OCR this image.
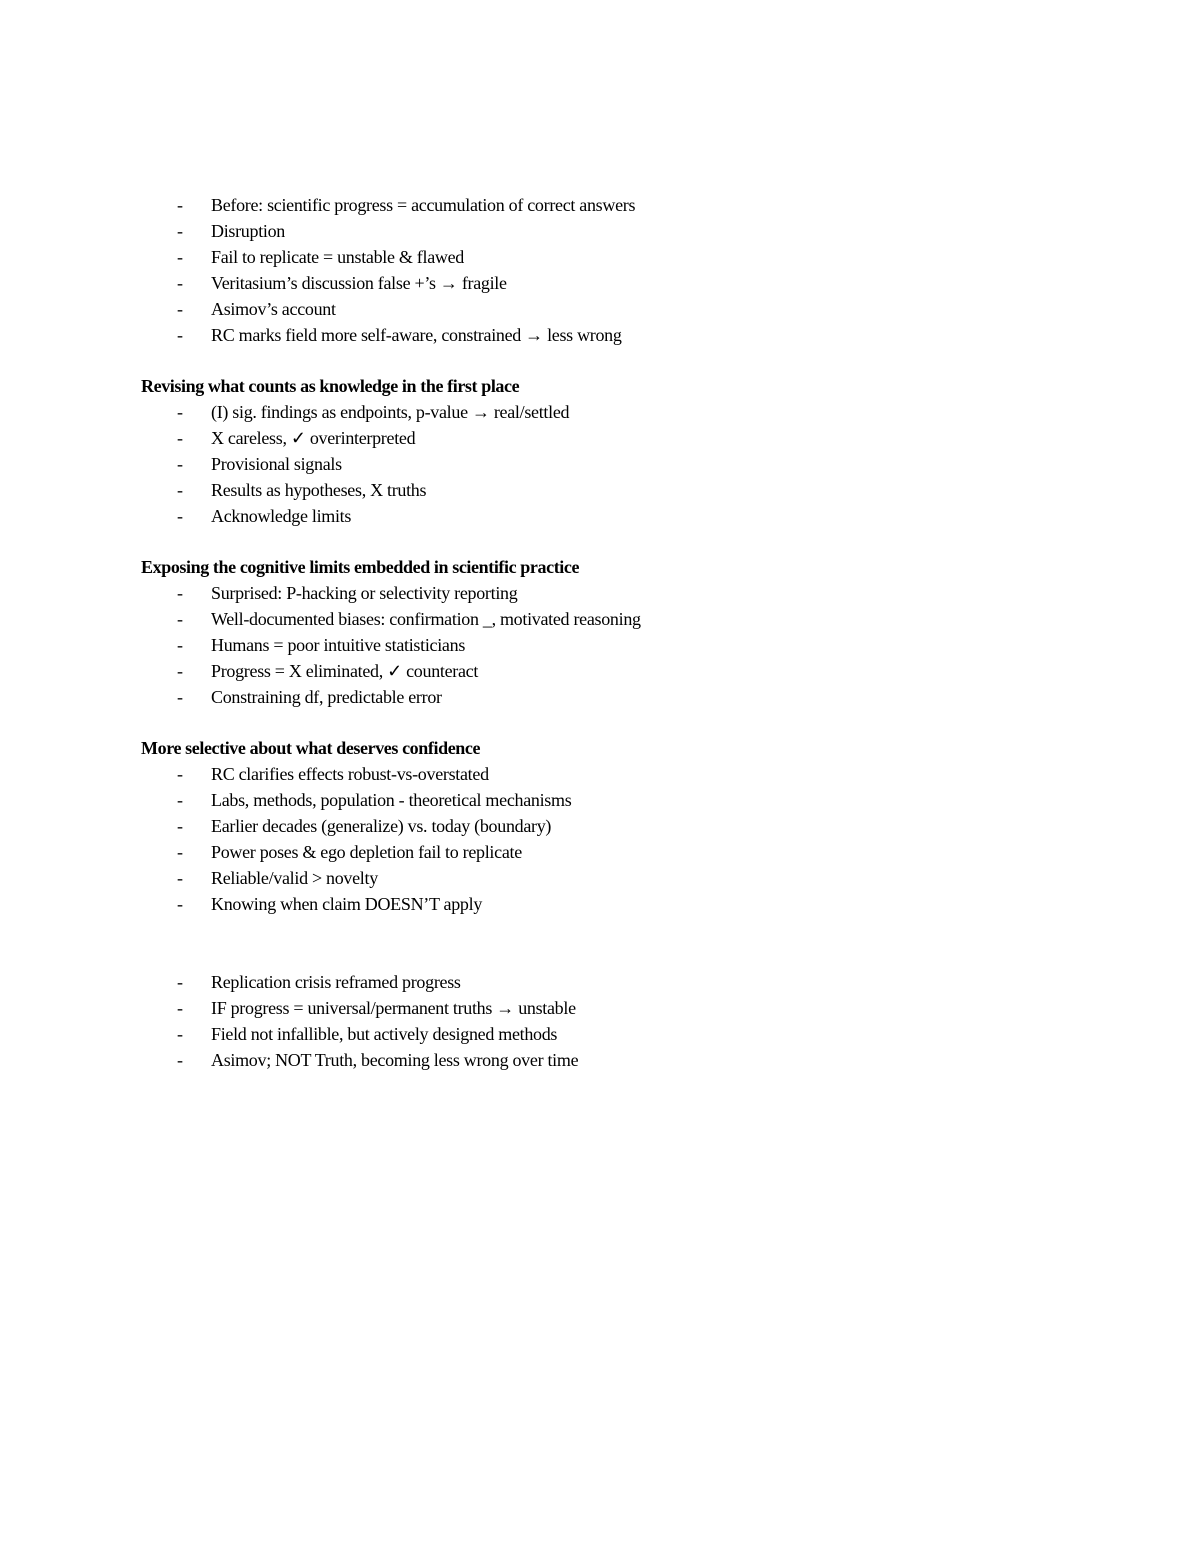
- Before: scientific progress = accumulation of correct answers
- Disruption
- Fail to replicate = unstable & flawed
- Veritasium’s discussion false +’s → fragile
- Asimov’s account
- RC marks field more self-aware, constrained → less wrong
Revising what counts as knowledge in the first place
- (I) sig. findings as endpoints, p-value → real/settled
- X careless, ✓ overinterpreted
- Provisional signals
- Results as hypotheses, X truths
- Acknowledge limits
Exposing the cognitive limits embedded in scientific practice
- Surprised: P-hacking or selectivity reporting
- Well-documented biases: confirmation _, motivated reasoning
- Humans = poor intuitive statisticians
- Progress = X eliminated, ✓ counteract
- Constraining df, predictable error
More selective about what deserves confidence
- RC clarifies effects robust-vs-overstated
- Labs, methods, population - theoretical mechanisms
- Earlier decades (generalize) vs. today (boundary)
- Power poses & ego depletion fail to replicate
- Reliable/valid > novelty
- Knowing when claim DOESN’T apply
- Replication crisis reframed progress
- IF progress = universal/permanent truths → unstable
- Field not infallible, but actively designed methods
- Asimov; NOT Truth, becoming less wrong over time
